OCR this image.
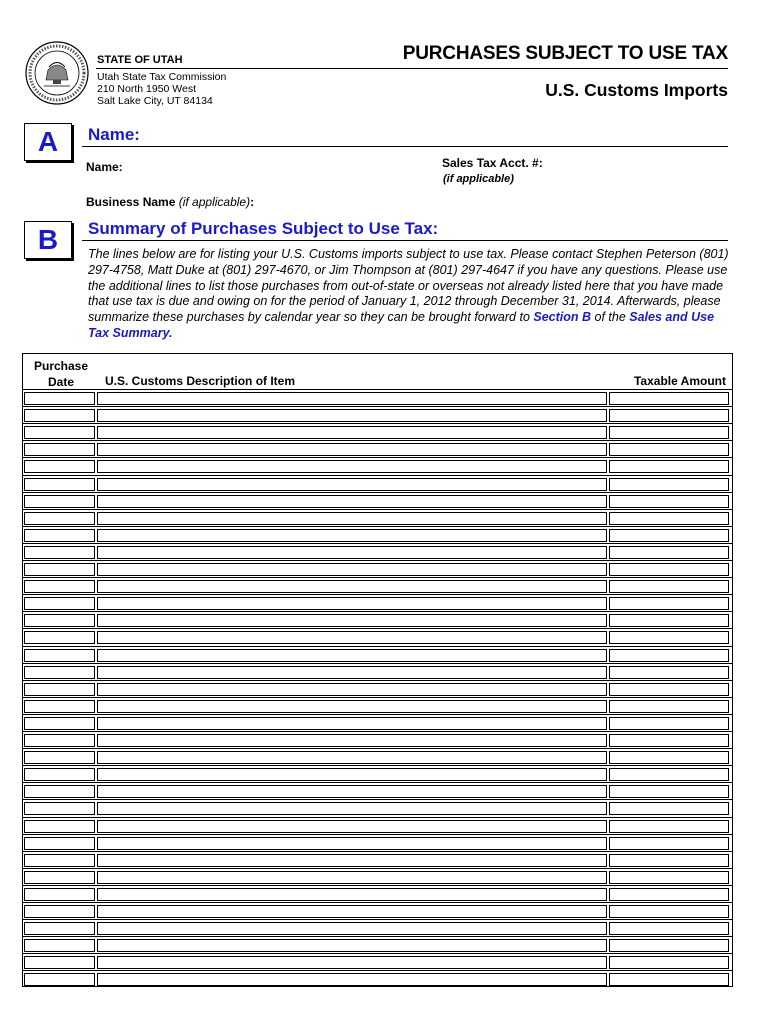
STATE OF UTAH
Utah State Tax Commission
210 North 1950 West
Salt Lake City, UT 84134
PURCHASES SUBJECT TO USE TAX
U.S. Customs Imports
A	Name:
Name:	Sales Tax Acct. #:
(if applicable)
Business Name (if applicable):
B	Summary of Purchases Subject to Use Tax:
The lines below are for listing your U.S. Customs imports subject to use tax. Please contact Stephen Peterson (801) 297-4758, Matt Duke at (801) 297-4670, or Jim Thompson at (801) 297-4647 if you have any questions. Please use the additional lines to list those purchases from out-of-state or overseas not already listed here that you have made that use tax is due and owing on for the period of January 1, 2012 through December 31, 2014. Afterwards, please summarize these purchases by calendar year so they can be brought forward to Section B of the Sales and Use Tax Summary.
Purchase
Date	U.S. Customs Description of Item	Taxable Amount
